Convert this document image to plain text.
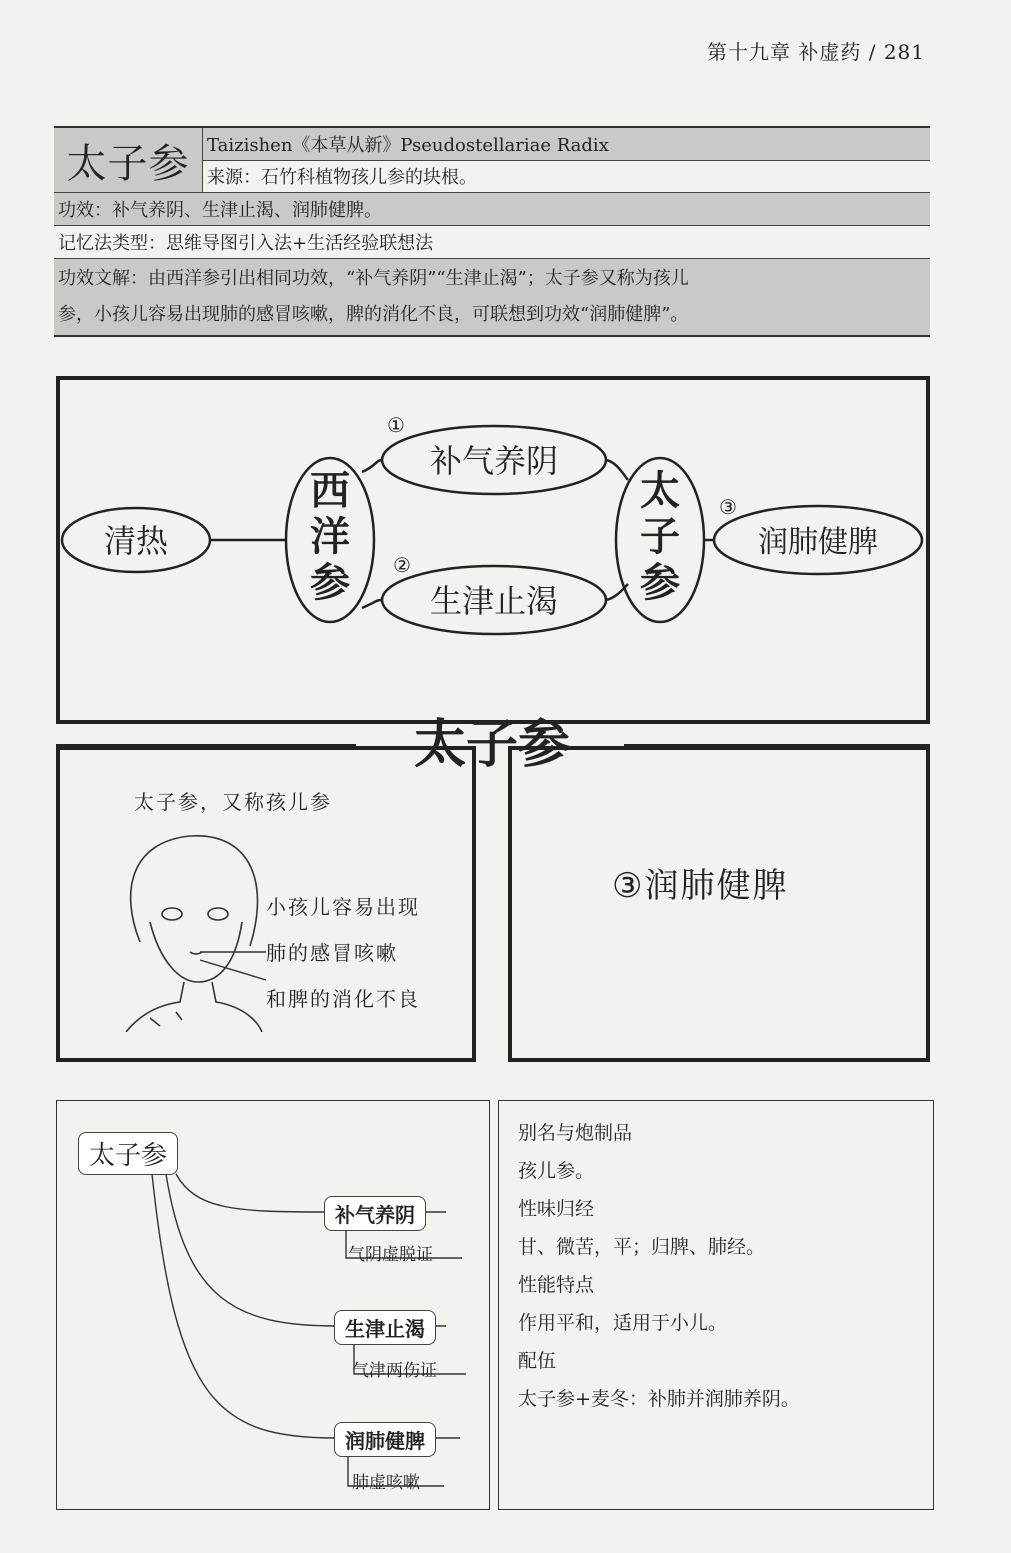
第十九章 补虚药 / 281
太子参 Taizishen《本草从新》Pseudostellariae Radix
来源：石竹科植物孩儿参的块根。
功效：补气养阴、生津止渴、润肺健脾。
记忆法类型：思维导图引入法+生活经验联想法
功效文解：由西洋参引出相同功效，“补气养阴”“生津止渴”；太子参又称为孩儿
参，小孩儿容易出现肺的感冒咳嗽，脾的消化不良，可联想到功效“润肺健脾”。
清热
①
补气养阴
②
生津止渴
③
润肺健脾
西洋参
太子参
太子参
太子参，又称孩儿参
小孩儿容易出现
肺的感冒咳嗽
和脾的消化不良
③润肺健脾
太子参
补气养阴
气阴虚脱证
生津止渴
气津两伤证
润肺健脾
肺虚咳嗽
别名与炮制品
孩儿参。
性味归经
甘、微苦，平；归脾、肺经。
性能特点
作用平和，适用于小儿。
配伍
太子参+麦冬：补肺并润肺养阴。
